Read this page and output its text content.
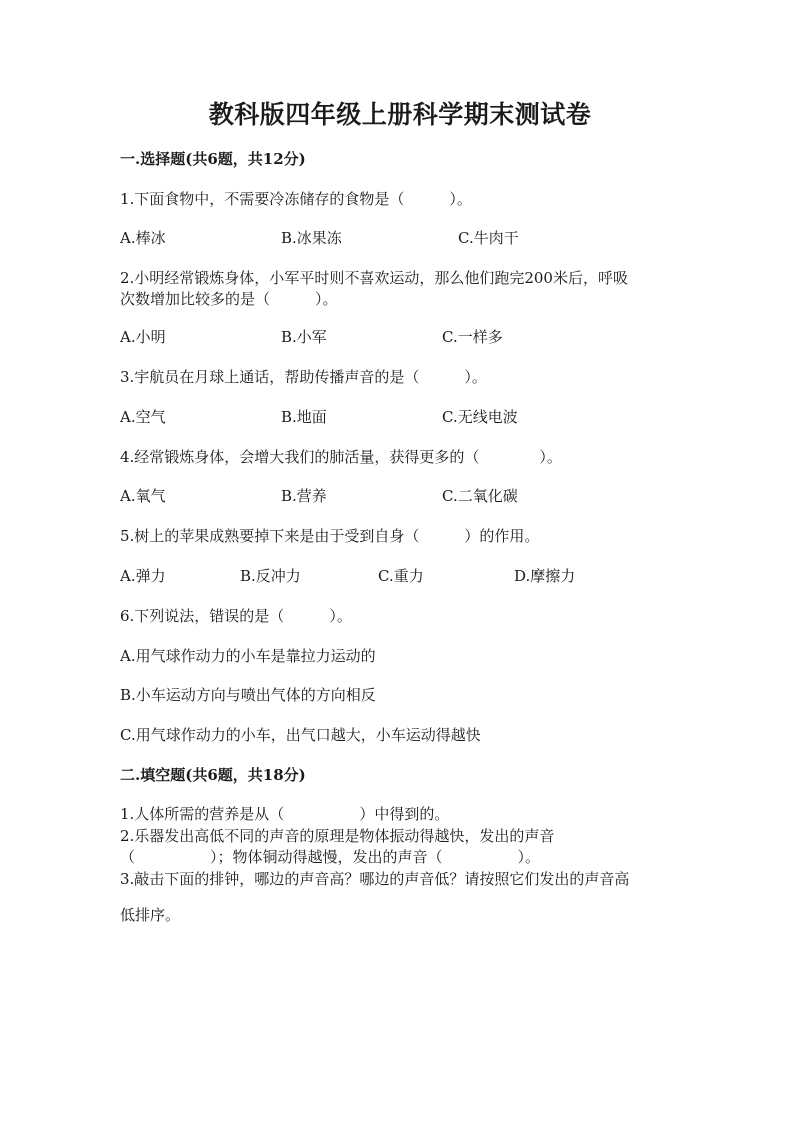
教科版四年级上册科学期末测试卷
一.选择题(共6题，共12分)
1.下面食物中，不需要冷冻储存的食物是（　　　）。
A.棒冰	B.冰果冻	C.牛肉干
2.小明经常锻炼身体，小军平时则不喜欢运动，那么他们跑完200米后，呼吸
次数增加比较多的是（　　　）。
A.小明	B.小军	C.一样多
3.宇航员在月球上通话，帮助传播声音的是（　　　）。
A.空气	B.地面	C.无线电波
4.经常锻炼身体，会增大我们的肺活量，获得更多的（　　　　）。
A.氧气	B.营养	C.二氧化碳
5.树上的苹果成熟要掉下来是由于受到自身（　　　）的作用。
A.弹力	B.反冲力	C.重力	D.摩擦力
6.下列说法，错误的是（　　　）。
A.用气球作动力的小车是靠拉力运动的
B.小车运动方向与喷出气体的方向相反
C.用气球作动力的小车，出气口越大，小车运动得越快
二.填空题(共6题，共18分)
1.人体所需的营养是从（　　　　　）中得到的。
2.乐器发出高低不同的声音的原理是物体振动得越快，发出的声音
（　　　　　）；物体铜动得越慢，发出的声音（　　　　　）。
3.敲击下面的排钟，哪边的声音高？哪边的声音低？请按照它们发出的声音高
低排序。
